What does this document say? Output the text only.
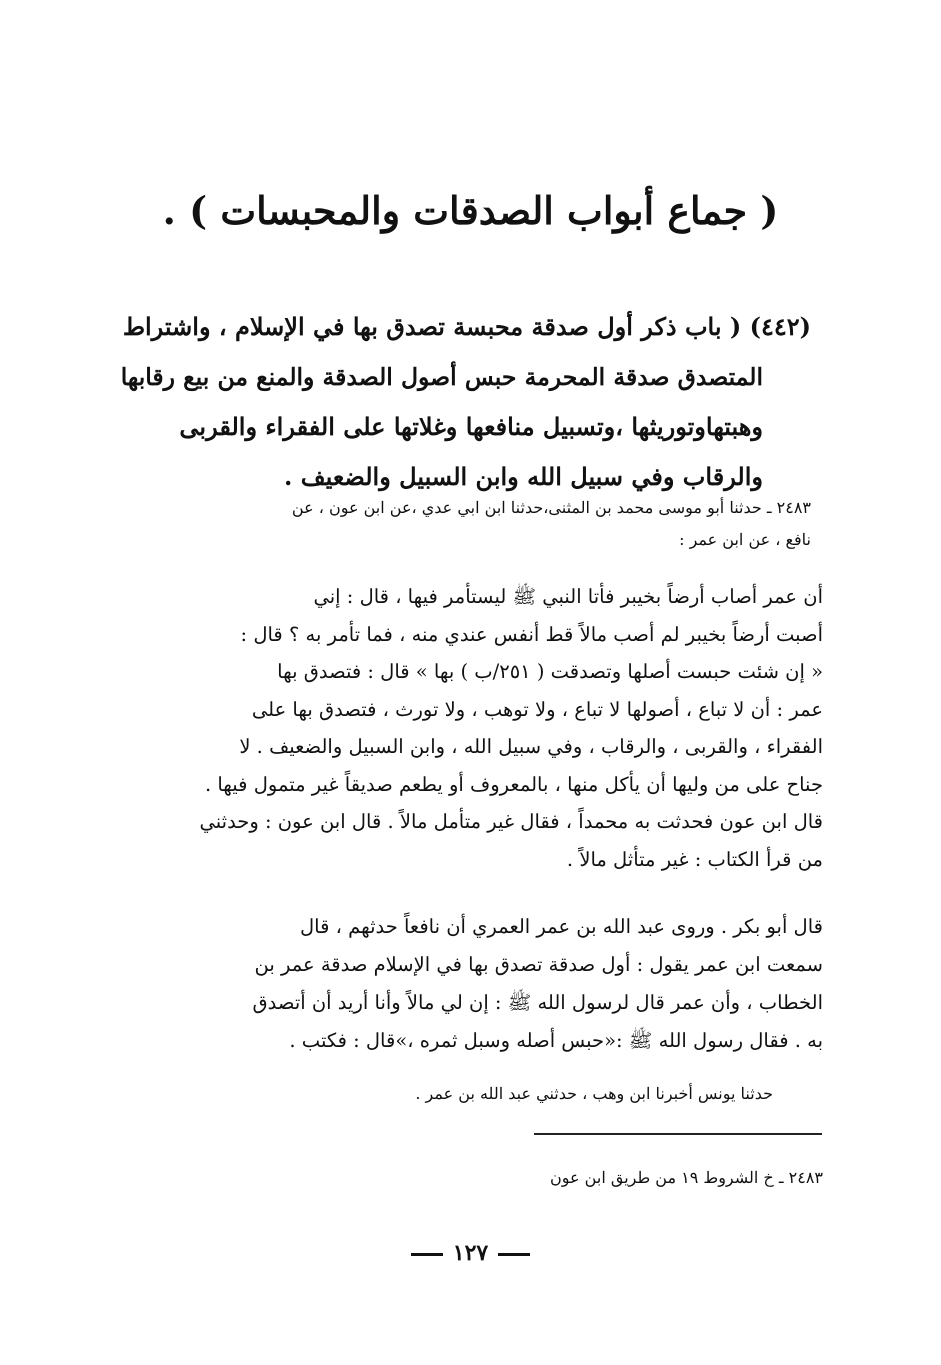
( جماع أبواب الصدقات والمحبسات ) .
(٤٤٢) ( باب ذكر أول صدقة محبسة تصدق بها في الإسلام ، واشتراط
المتصدق صدقة المحرمة حبس أصول الصدقة والمنع من بيع رقابها
وهبتهاوتوريثها ،وتسبيل منافعها وغلاتها على الفقراء والقربى
والرقاب وفي سبيل الله وابن السبيل والضعيف .
٢٤٨٣ ـ حدثنا أبو موسى محمد بن المثنى،حدثنا ابن ابي عدي ،عن ابن عون ، عن
نافع ، عن ابن عمر :
أن عمر أصاب أرضاً بخيبر فأتا النبي ﷺ ليستأمر فيها ، قال : إني
أصبت أرضاً بخيبر لم أصب مالاً قط أنفس عندي منه ، فما تأمر به ؟ قال :
« إن شئت حبست أصلها وتصدقت ( ٢٥١/ب ) بها » قال : فتصدق بها
عمر : أن لا تباع ، أصولها لا تباع ، ولا توهب ، ولا تورث ، فتصدق بها على
الفقراء ، والقربى ، والرقاب ، وفي سبيل الله ، وابن السبيل والضعيف . لا
جناح على من وليها أن يأكل منها ، بالمعروف أو يطعم صديقاً غير متمول فيها .
قال ابن عون فحدثت به محمداً ، فقال غير متأمل مالاً . قال ابن عون : وحدثني
من قرأ الكتاب : غير متأثل مالاً .
قال أبو بكر . وروى عبد الله بن عمر العمري أن نافعاً حدثهم ، قال
سمعت ابن عمر يقول : أول صدقة تصدق بها في الإسلام صدقة عمر بن
الخطاب ، وأن عمر قال لرسول الله ﷺ : إن لي مالاً وأنا أريد أن أتصدق
به . فقال رسول الله ﷺ :«حبس أصله وسبل ثمره ،»قال : فكتب .
حدثنا يونس أخبرنا ابن وهب ، حدثني عبد الله بن عمر .
٢٤٨٣ ـ خ الشروط ١٩ من طريق ابن عون
١٢٧
